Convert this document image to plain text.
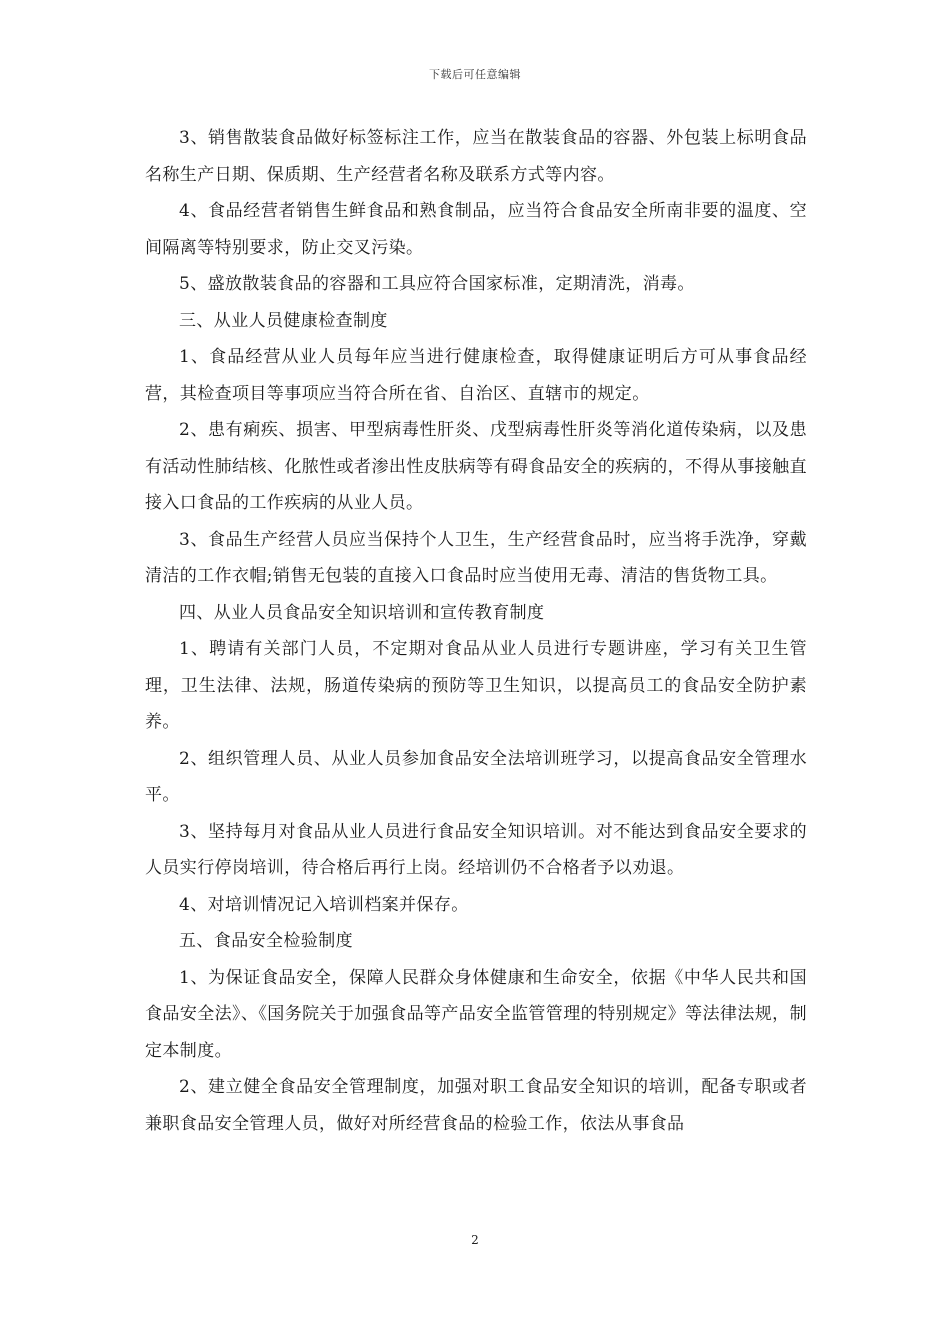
下载后可任意编辑

3、销售散装食品做好标签标注工作，应当在散装食品的容器、外包装上标明食品名称生产日期、保质期、生产经营者名称及联系方式等内容。

4、食品经营者销售生鲜食品和熟食制品，应当符合食品安全所南非要的温度、空间隔离等特别要求，防止交叉污染。

5、盛放散装食品的容器和工具应符合国家标准，定期清洗，消毒。

三、从业人员健康检查制度

1、食品经营从业人员每年应当进行健康检查，取得健康证明后方可从事食品经营，其检查项目等事项应当符合所在省、自治区、直辖市的规定。

2、患有痢疾、损害、甲型病毒性肝炎、戊型病毒性肝炎等消化道传染病，以及患有活动性肺结核、化脓性或者渗出性皮肤病等有碍食品安全的疾病的，不得从事接触直接入口食品的工作疾病的从业人员。

3、食品生产经营人员应当保持个人卫生，生产经营食品时，应当将手洗净，穿戴清洁的工作衣帽;销售无包装的直接入口食品时应当使用无毒、清洁的售货物工具。

四、从业人员食品安全知识培训和宣传教育制度

1、聘请有关部门人员，不定期对食品从业人员进行专题讲座，学习有关卫生管理，卫生法律、法规，肠道传染病的预防等卫生知识，以提高员工的食品安全防护素养。

2、组织管理人员、从业人员参加食品安全法培训班学习，以提高食品安全管理水平。

3、坚持每月对食品从业人员进行食品安全知识培训。对不能达到食品安全要求的人员实行停岗培训，待合格后再行上岗。经培训仍不合格者予以劝退。

4、对培训情况记入培训档案并保存。

五、食品安全检验制度

1、为保证食品安全，保障人民群众身体健康和生命安全，依据《中华人民共和国食品安全法》、《国务院关于加强食品等产品安全监管管理的特别规定》等法律法规，制定本制度。

2、建立健全食品安全管理制度，加强对职工食品安全知识的培训，配备专职或者兼职食品安全管理人员，做好对所经营食品的检验工作，依法从事食品

2
